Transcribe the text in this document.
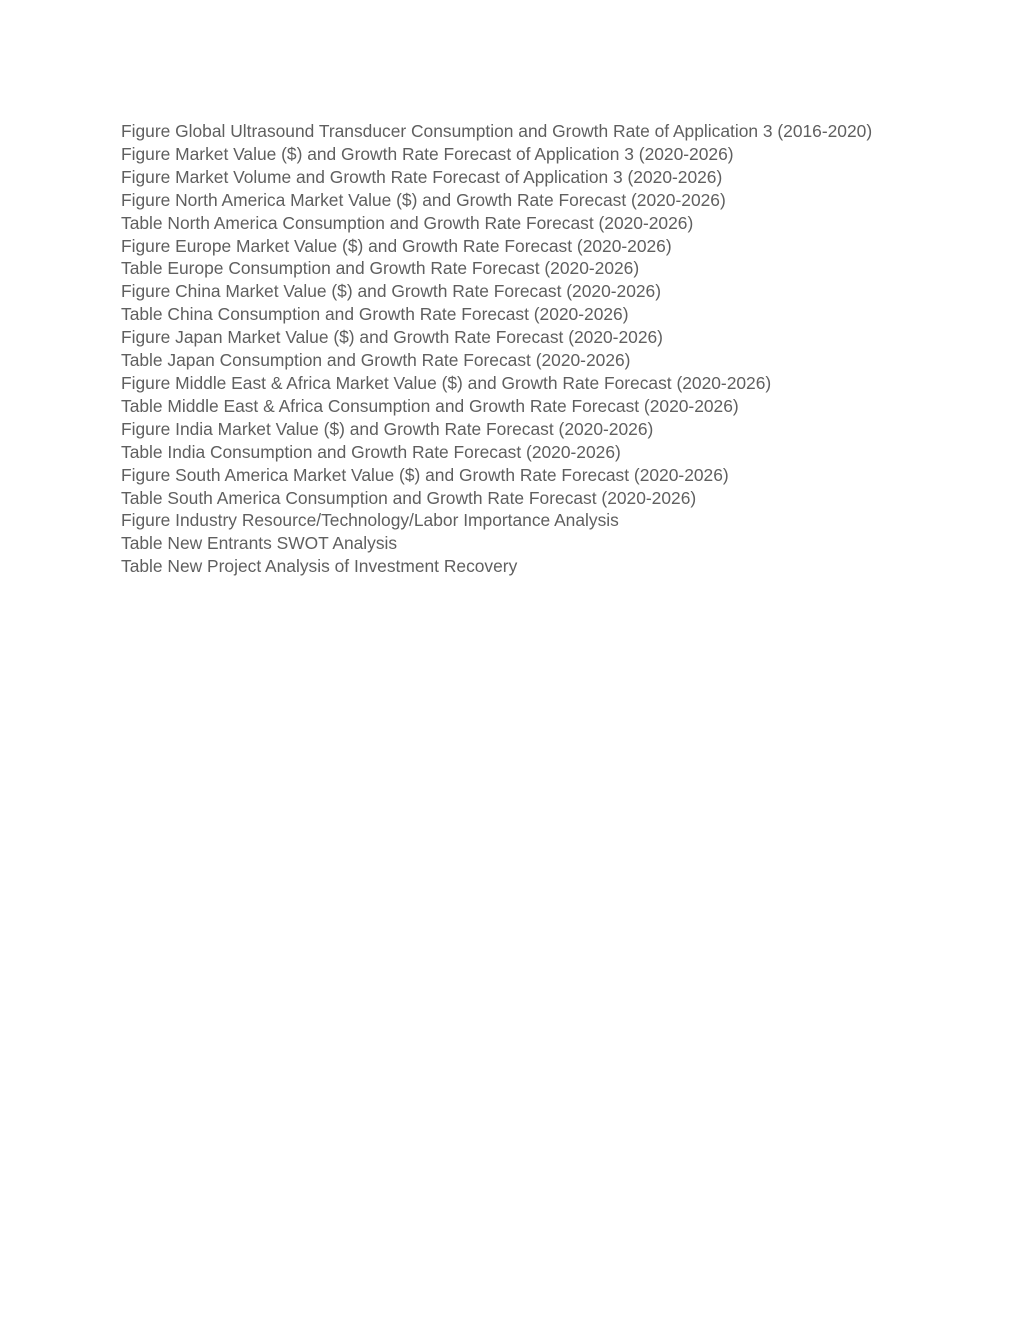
Figure Global Ultrasound Transducer Consumption and Growth Rate of Application 3 (2016-2020)

Figure Market Value ($) and Growth Rate Forecast of Application 3 (2020-2026)

Figure Market Volume and Growth Rate Forecast of Application 3 (2020-2026)

Figure North America Market Value ($) and Growth Rate Forecast (2020-2026)

Table North America Consumption and Growth Rate Forecast (2020-2026)

Figure Europe Market Value ($) and Growth Rate Forecast (2020-2026)

Table Europe Consumption and Growth Rate Forecast (2020-2026)

Figure China Market Value ($) and Growth Rate Forecast (2020-2026)

Table China Consumption and Growth Rate Forecast (2020-2026)

Figure Japan Market Value ($) and Growth Rate Forecast (2020-2026)

Table Japan Consumption and Growth Rate Forecast (2020-2026)

Figure Middle East & Africa Market Value ($) and Growth Rate Forecast (2020-2026)

Table Middle East & Africa Consumption and Growth Rate Forecast (2020-2026)

Figure India Market Value ($) and Growth Rate Forecast (2020-2026)

Table India Consumption and Growth Rate Forecast (2020-2026)

Figure South America Market Value ($) and Growth Rate Forecast (2020-2026)

Table South America Consumption and Growth Rate Forecast (2020-2026)

Figure Industry Resource/Technology/Labor Importance Analysis

Table New Entrants SWOT Analysis

Table New Project Analysis of Investment Recovery
